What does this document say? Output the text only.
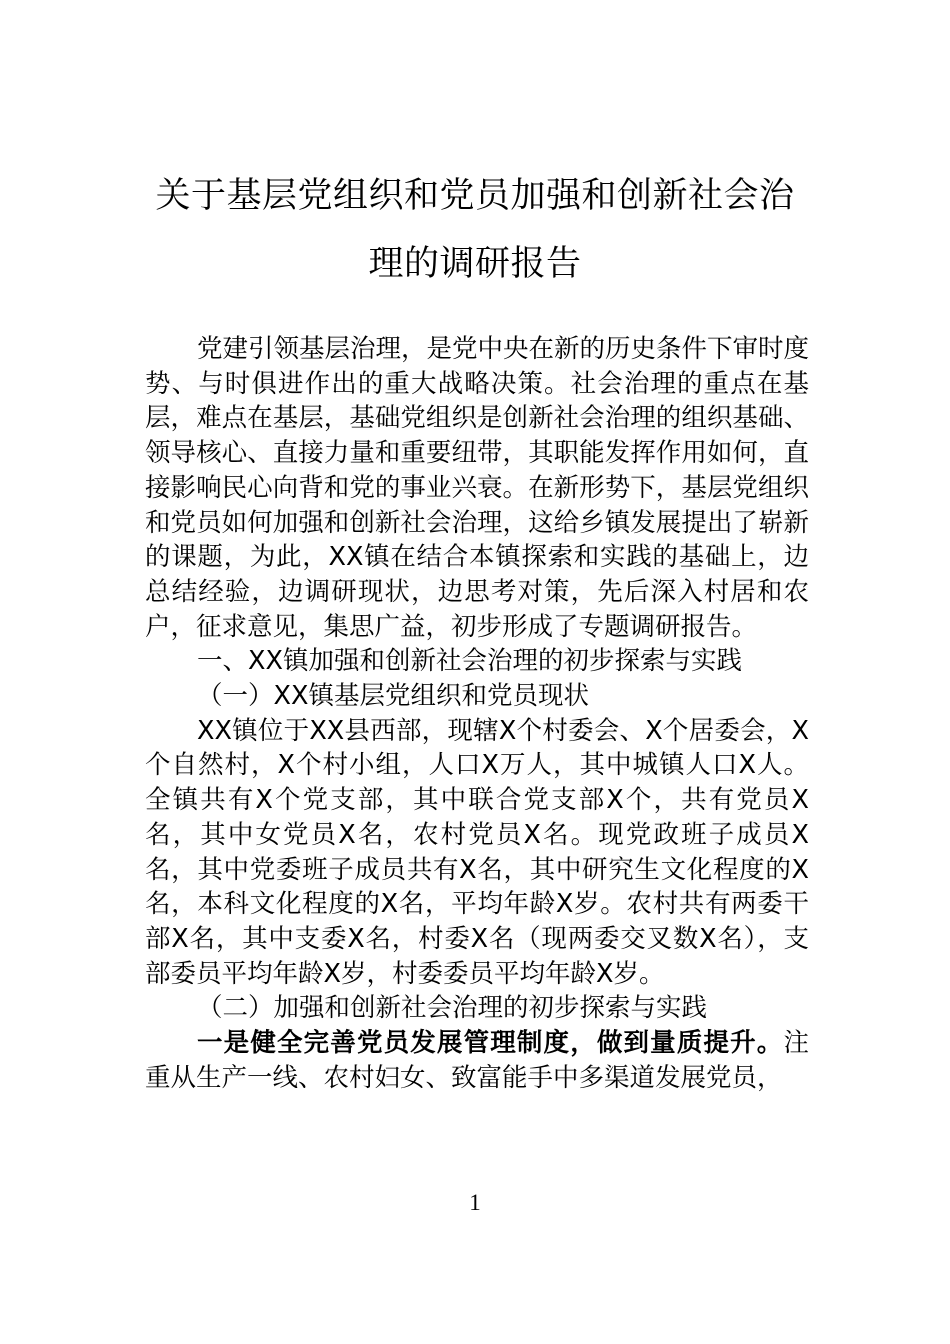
关于基层党组织和党员加强和创新社会治
理的调研报告

党建引领基层治理，是党中央在新的历史条件下审时度势、与时俱进作出的重大战略决策。社会治理的重点在基层，难点在基层，基础党组织是创新社会治理的组织基础、领导核心、直接力量和重要纽带，其职能发挥作用如何，直接影响民心向背和党的事业兴衰。在新形势下，基层党组织和党员如何加强和创新社会治理，这给乡镇发展提出了崭新的课题，为此，XX镇在结合本镇探索和实践的基础上，边总结经验，边调研现状，边思考对策，先后深入村居和农户，征求意见，集思广益，初步形成了专题调研报告。

一、XX镇加强和创新社会治理的初步探索与实践

（一）XX镇基层党组织和党员现状

XX镇位于XX县西部，现辖X个村委会、X个居委会，X个自然村，X个村小组，人口X万人，其中城镇人口X人。全镇共有X个党支部，其中联合党支部X个，共有党员X名，其中女党员X名，农村党员X名。现党政班子成员X名，其中党委班子成员共有X名，其中研究生文化程度的X名，本科文化程度的X名，平均年龄X岁。农村共有两委干部X名，其中支委X名，村委X名（现两委交叉数X名），支部委员平均年龄X岁，村委委员平均年龄X岁。

（二）加强和创新社会治理的初步探索与实践

一是健全完善党员发展管理制度，做到量质提升。注重从生产一线、农村妇女、致富能手中多渠道发展党员，

1
